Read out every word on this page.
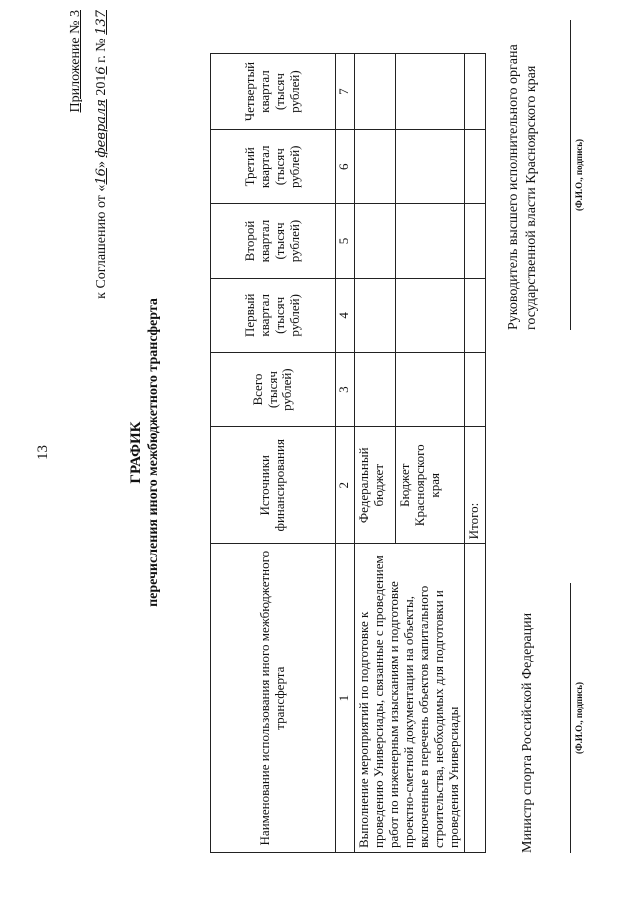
13
Приложение № 3
к Соглашению от «16» февраля 2016 г. № 137
ГРАФИК перечисления иного межбюджетного трансферта
Наименование использования иного межбюджетного трансферта	Источники финансирования	Всего (тысяч рублей)	Первый квартал (тысяч рублей)	Второй квартал (тысяч рублей)	Третий квартал (тысяч рублей)	Четвертый квартал (тысяч рублей)
1	2	3	4	5	6	7
Выполнение мероприятий по подготовке к проведению Универсиады, связанные с проведением работ по инженерным изысканиям и подготовке проектно-сметной документации на объекты, включенные в перечень объектов капитального строительства, необходимых для подготовки и проведения Универсиады	Федеральный бюджет					
	Бюджет Красноярского края					
	Итого:					
Министр спорта Российской Федерации	(Ф.И.О., подпись)
Руководитель высшего исполнительного органа государственной власти Красноярского края	(Ф.И.О., подпись)
